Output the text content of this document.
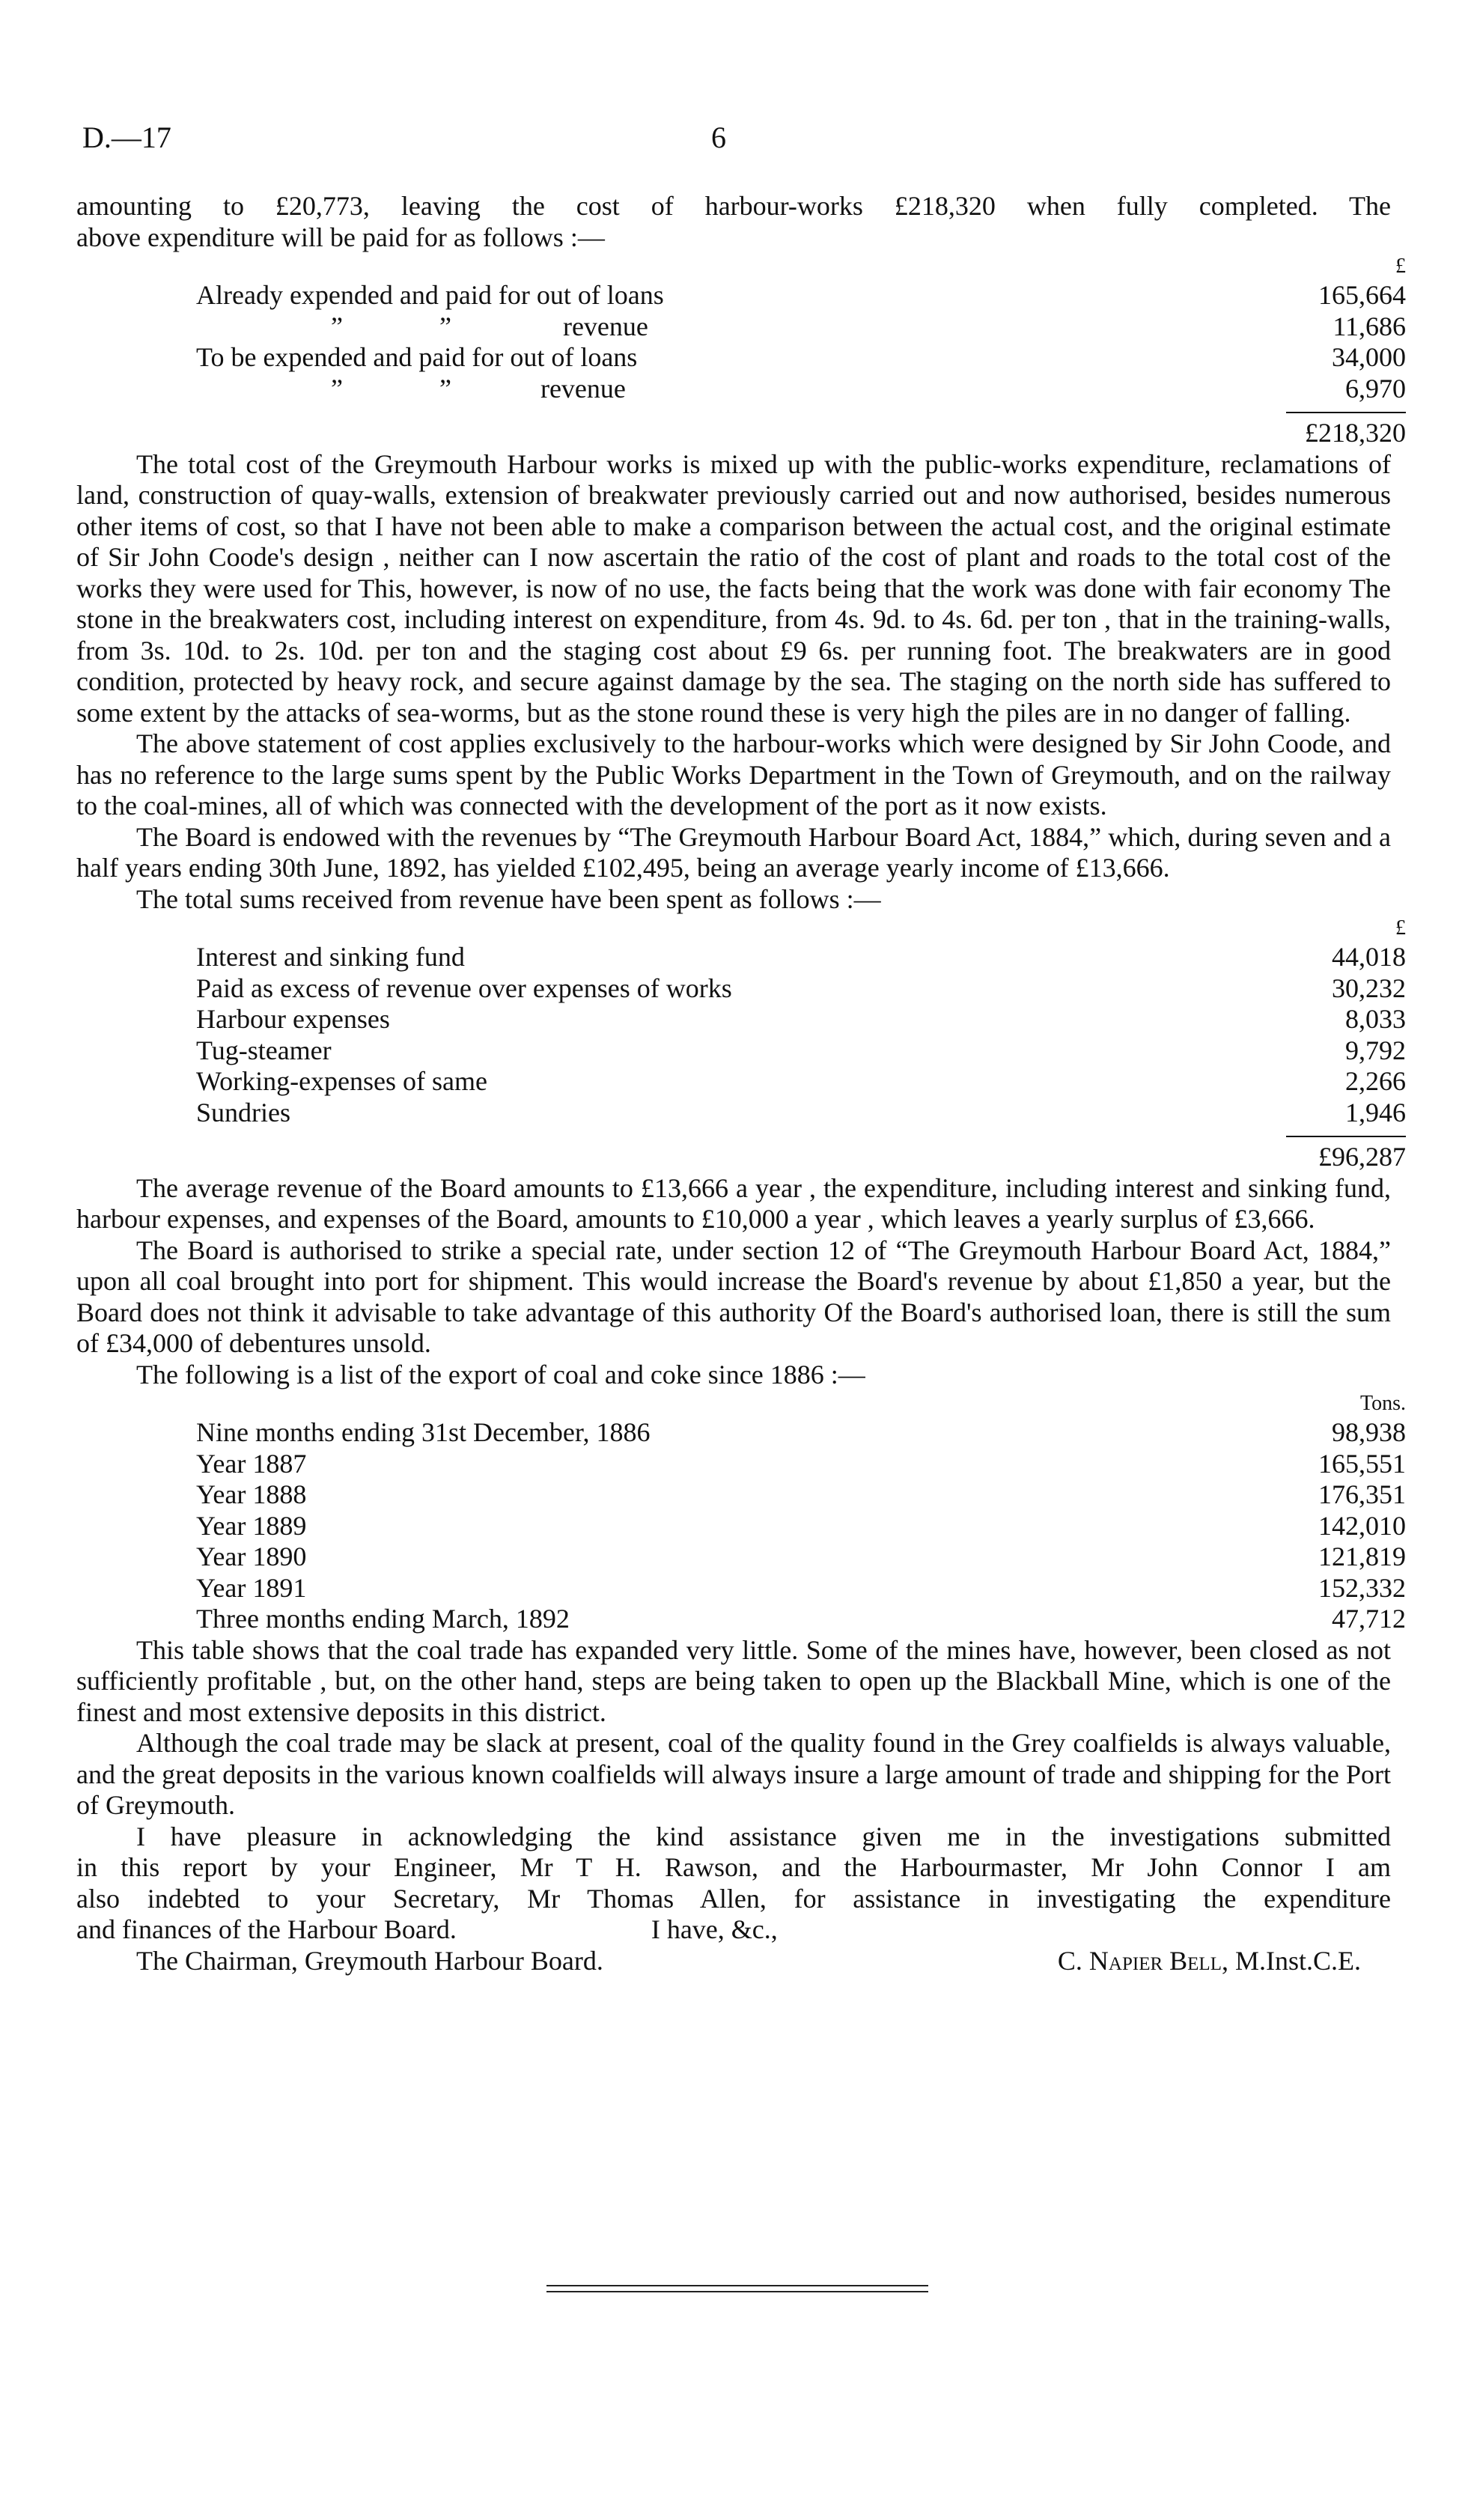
D.—17	6

amounting to £20,773, leaving the cost of harbour-works £218,320 when fully completed. The
above expenditure will be paid for as follows :—

£
Already expended and paid for out of loans	165,664
”	”	revenue	11,686
To be expended and paid for out of loans	34,000
”	”	revenue	6,970
£218,320

The total cost of the Greymouth Harbour works is mixed up with the public-works expenditure, reclamations of land, construction of quay-walls, extension of breakwater previously carried out and now authorised, besides numerous other items of cost, so that I have not been able to make a comparison between the actual cost, and the original estimate of Sir John Coode's design , neither can I now ascertain the ratio of the cost of plant and roads to the total cost of the works they were used for This, however, is now of no use, the facts being that the work was done with fair economy The stone in the breakwaters cost, including interest on expenditure, from 4s. 9d. to 4s. 6d. per ton , that in the training-walls, from 3s. 10d. to 2s. 10d. per ton and the staging cost about £9 6s. per running foot. The breakwaters are in good condition, protected by heavy rock, and secure against damage by the sea. The staging on the north side has suffered to some extent by the attacks of sea-worms, but as the stone round these is very high the piles are in no danger of falling.

The above statement of cost applies exclusively to the harbour-works which were designed by Sir John Coode, and has no reference to the large sums spent by the Public Works Department in the Town of Greymouth, and on the railway to the coal-mines, all of which was connected with the development of the port as it now exists.

The Board is endowed with the revenues by “The Greymouth Harbour Board Act, 1884,” which, during seven and a half years ending 30th June, 1892, has yielded £102,495, being an average yearly income of £13,666.

The total sums received from revenue have been spent as follows :—

£
Interest and sinking fund	44,018
Paid as excess of revenue over expenses of works	30,232
Harbour expenses	8,033
Tug-steamer	9,792
Working-expenses of same	2,266
Sundries	1,946
£96,287

The average revenue of the Board amounts to £13,666 a year , the expenditure, including interest and sinking fund, harbour expenses, and expenses of the Board, amounts to £10,000 a year , which leaves a yearly surplus of £3,666.

The Board is authorised to strike a special rate, under section 12 of “The Greymouth Harbour Board Act, 1884,” upon all coal brought into port for shipment. This would increase the Board's revenue by about £1,850 a year, but the Board does not think it advisable to take advantage of this authority Of the Board's authorised loan, there is still the sum of £34,000 of debentures unsold.

The following is a list of the export of coal and coke since 1886 :—

Tons.
Nine months ending 31st December, 1886	98,938
Year 1887	165,551
Year 1888	176,351
Year 1889	142,010
Year 1890	121,819
Year 1891	152,332
Three months ending March, 1892	47,712

This table shows that the coal trade has expanded very little. Some of the mines have, however, been closed as not sufficiently profitable , but, on the other hand, steps are being taken to open up the Blackball Mine, which is one of the finest and most extensive deposits in this district.

Although the coal trade may be slack at present, coal of the quality found in the Grey coalfields is always valuable, and the great deposits in the various known coalfields will always insure a large amount of trade and shipping for the Port of Greymouth.

I have pleasure in acknowledging the kind assistance given me in the investigations submitted
in this report by your Engineer, Mr T H. Rawson, and the Harbourmaster, Mr John Connor I am
also indebted to your Secretary, Mr Thomas Allen, for assistance in investigating the expenditure
and finances of the Harbour Board.	I have, &c.,

The Chairman, Greymouth Harbour Board.	C. Napier Bell, M.Inst.C.E.
